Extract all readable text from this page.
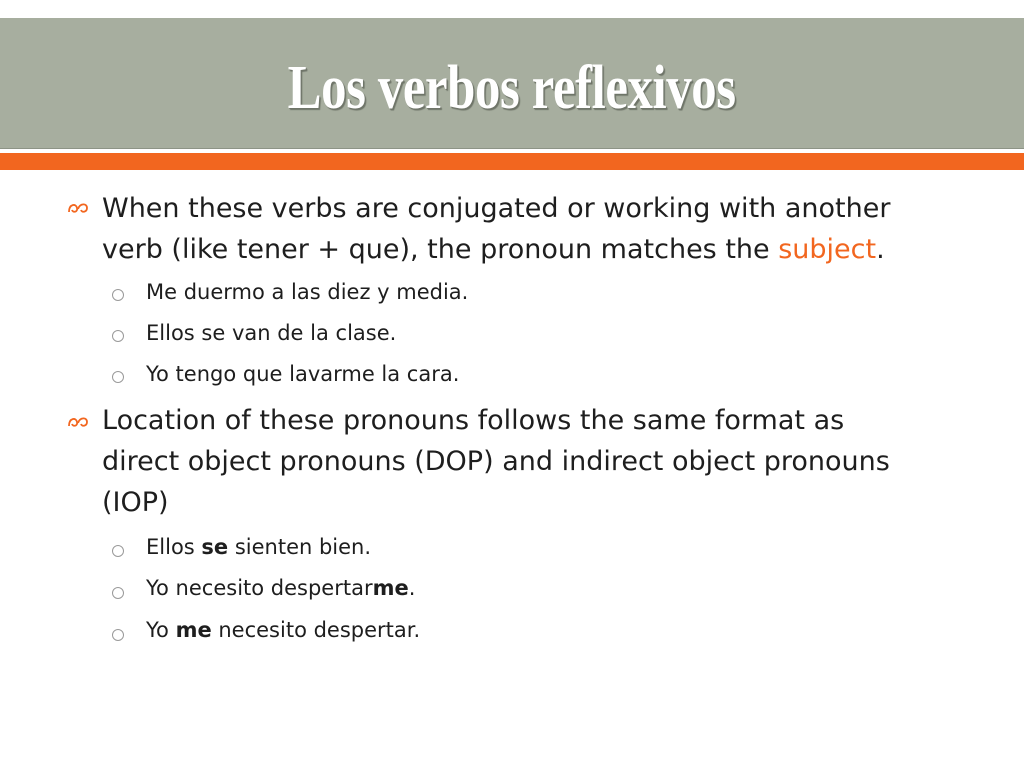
Los verbos reflexivos
When these verbs are conjugated or working with another
verb (like tener + que), the pronoun matches the subject.
Me duermo a las diez y media.
Ellos se van de la clase.
Yo tengo que lavarme la cara.
Location of these pronouns follows the same format as
direct object pronouns (DOP) and indirect object pronouns
(IOP)
Ellos se sienten bien.
Yo necesito despertarme.
Yo me necesito despertar.
